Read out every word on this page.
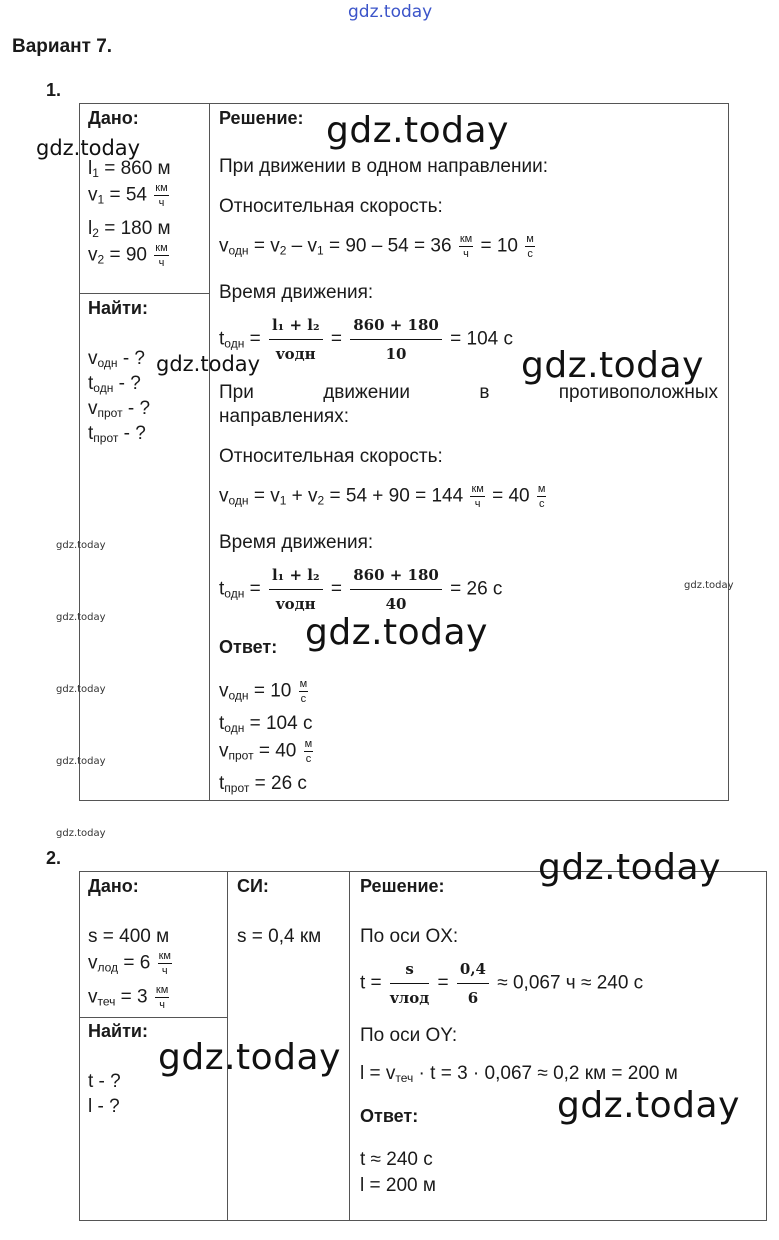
gdz.today
Вариант 7.
1.
Дано:
$l_1 = 860$ м
$v_1 = 54 \frac{км}{ч}$
$l_2 = 180$ м
$v_2 = 90 \frac{км}{ч}$
Найти:
$v_{одн}$ - ?
$t_{одн}$ - ?
$v_{прот}$ - ?
$t_{прот}$ - ?
Решение:
При движении в одном направлении:
Относительная скорость:
$v_{одн} = v_2 - v_1 = 90 - 54 = 36 \frac{км}{ч} = 10 \frac{м}{с}$
Время движения:
$t_{одн}$ =
l₁ + l₂
vодн
= $\frac{860 + 180}{10} = 104$ с
При	движении	в	противоположных
направлениях:
Относительная скорость:
$v_{одн} = v_1 + v_2 = 54 + 90 = 144 \frac{км}{ч} = 40 \frac{м}{с}$
Время движения:
$t_{одн}$ =
l₁ + l₂
vодн
= $\frac{860 + 180}{40} = 26$ с
Ответ:
$v_{одн} = 10 \frac{м}{с}$
$t_{одн} = 104$ с
$v_{прот} = 40 \frac{м}{с}$
$t_{прот} = 26$ с
2.
Дано:
s = 400 м
$v_{лод} = 6 \frac{км}{ч}$
$v_{теч} = 3 \frac{км}{ч}$
Найти:
t - ?
l - ?
СИ:
s = 0,4 км
Решение:
По оси OX:
t =
s
vлод
= $\frac{0,4}{6} \approx 0,067$ ч ≈ 240 с
По оси OY:
$l = v_{теч} \cdot t = 3 \cdot 0,067 \approx 0,2$ км = 200 м
Ответ:
t ≈ 240 с
l = 200 м
gdz.today
gdz.today
gdz.today	gdz.today
gdz.today
gdz.today
gdz.today	gdz.today
gdz.today
gdz.today
gdz.today
gdz.today
gdz.today
gdz.today
